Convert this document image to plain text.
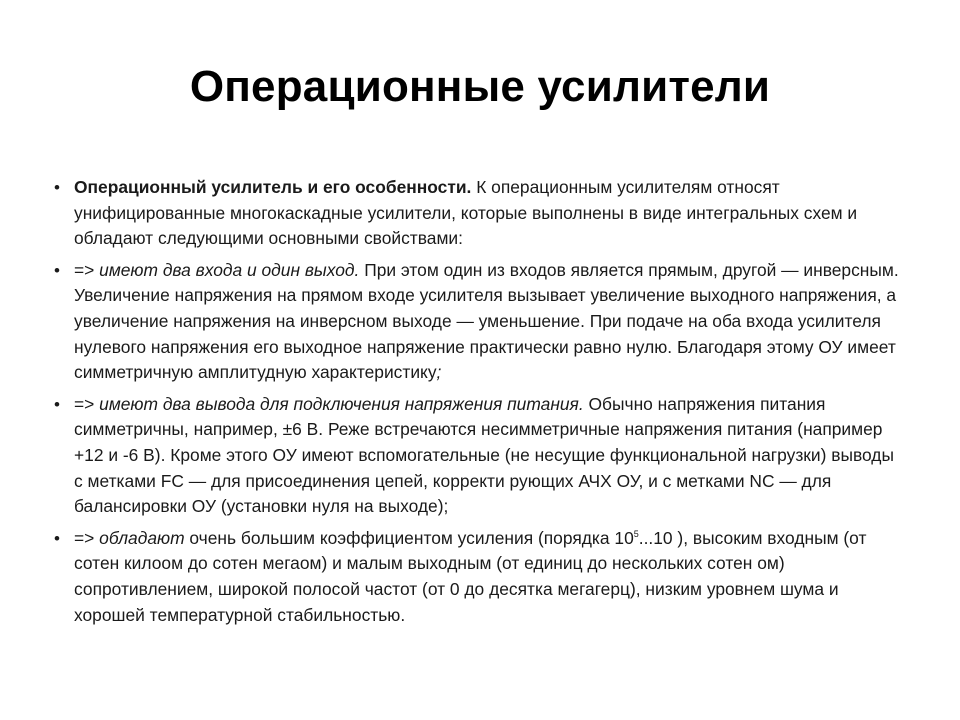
Операционные усилители
• Операционный усилитель и его особенности. К операционным усилителям относят унифицированные многокаскадные усилители, которые выполнены в виде интегральных схем и обладают следующими основными свойствами:
• => имеют два входа и один выход. При этом один из входов является прямым, другой — инверсным. Увеличение напряжения на прямом входе усилителя вызывает увеличение выходного напряжения, а увеличение напряжения на инверсном выходе — уменьшение. При подаче на оба входа усилителя нулевого напряжения его выходное напряжение практически равно нулю. Благодаря этому ОУ имеет симметричную амплитудную характеристику;
• => имеют два вывода для подключения напряжения питания. Обычно напряжения питания симметричны, например, ±6 В. Реже встречаются несимметричные напряжения питания (например +12 и -6 В). Кроме этого ОУ имеют вспомогательные (не несущие функциональной нагрузки) выводы с метками FC — для присоединения цепей, корректи рующих АЧХ ОУ, и с метками NC — для балансировки ОУ (установки нуля на выходе);
• => обладают очень большим коэффициентом усиления (порядка $10^5...10$ ), высоким входным (от сотен килоом до сотен мегаом) и малым выходным (от единиц до нескольких сотен ом) сопротивлением, широкой полосой частот (от 0 до десятка мегагерц), низким уровнем шума и хорошей температурной стабильностью.
